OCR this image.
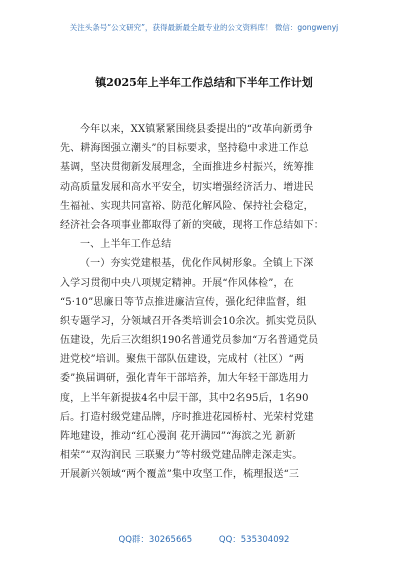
关注头条号“公文研究”，获得最新最全最专业的公文资料库！ 微信：gongwenyj
镇2025年上半年工作总结和下半年工作计划
今年以来，XX镇紧紧围绕县委提出的“改革向新勇争
先、耕海图强立潮头”的目标要求，坚持稳中求进工作总
基调，坚决贯彻新发展理念，全面推进乡村振兴，统筹推
动高质量发展和高水平安全，切实增强经济活力、增进民
生福祉、实现共同富裕、防范化解风险、保持社会稳定，
经济社会各项事业都取得了新的突破，现将工作总结如下：
一、上半年工作总结
（一）夯实党建根基，优化作风树形象。全镇上下深
入学习贯彻中央八项规定精神。开展“作风体检”，在
“5·10”思廉日等节点推进廉洁宣传，强化纪律监督，组
织专题学习，分领域召开各类培训会10余次。抓实党员队
伍建设，先后三次组织190名普通党员参加“万名普通党员
进党校”培训。聚焦干部队伍建设，完成村（社区）“两
委”换届调研，强化青年干部培养，加大年轻干部选用力
度，上半年新提拔4名中层干部，其中2名95后，1名90
后。打造村级党建品牌，序时推进花园桥村、光荣村党建
阵地建设，推动“红心漫润 花开满园”“海滨之光 新新
相荣”“双沟润民 三联聚力”等村级党建品牌走深走实。
开展新兴领域“两个覆盖”集中攻坚工作，梳理报送“三
QQ群：30265665	QQ：535304092
